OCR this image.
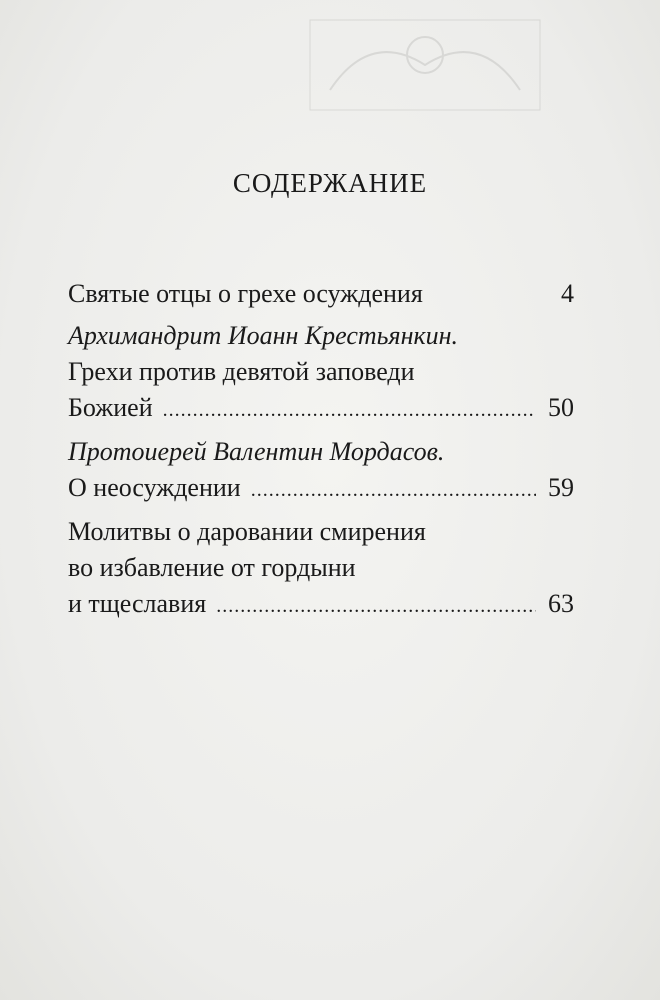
СОДЕРЖАНИЕ
Святые отцы о грехе осуждения	4
Архимандрит Иоанн Крестьянкин.
Грехи против девятой заповеди
Божией .....	50
Протоиерей Валентин Мордасов.
О неосуждении .....	59
Молитвы о даровании смирения
во избавление от гордыни
и тщеславия .....	63
